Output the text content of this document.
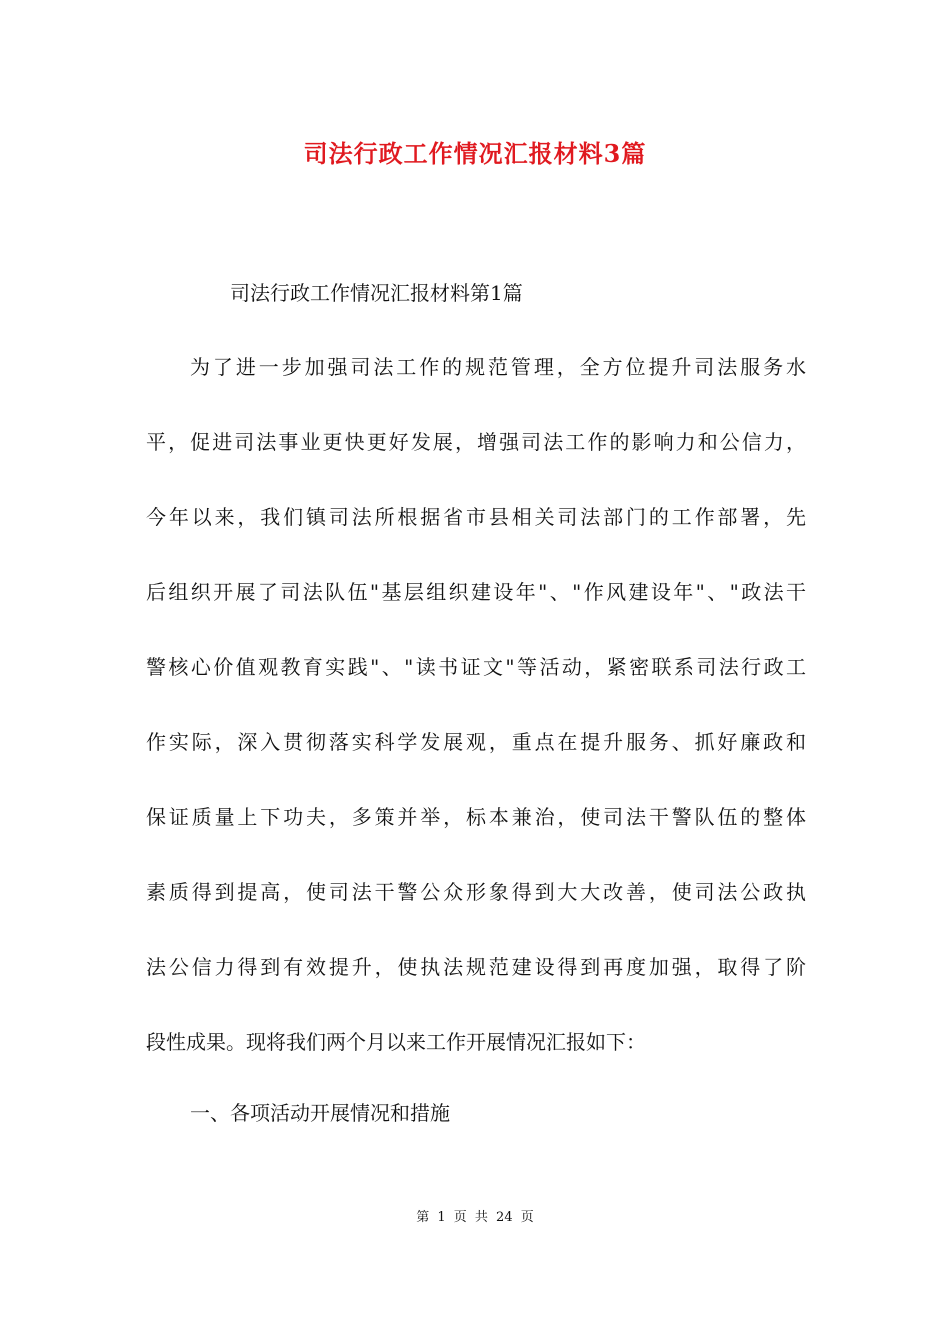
司法行政工作情况汇报材料3篇
司法行政工作情况汇报材料第1篇
为了进一步加强司法工作的规范管理，全方位提升司法服务水
平，促进司法事业更快更好发展，增强司法工作的影响力和公信力，
今年以来，我们镇司法所根据省市县相关司法部门的工作部署，先
后组织开展了司法队伍"基层组织建设年"、"作风建设年"、"政法干
警核心价值观教育实践"、"读书证文"等活动，紧密联系司法行政工
作实际，深入贯彻落实科学发展观，重点在提升服务、抓好廉政和
保证质量上下功夫，多策并举，标本兼治，使司法干警队伍的整体
素质得到提高，使司法干警公众形象得到大大改善，使司法公政执
法公信力得到有效提升，使执法规范建设得到再度加强，取得了阶
段性成果。现将我们两个月以来工作开展情况汇报如下：
一、各项活动开展情况和措施
第 1 页 共 24 页
